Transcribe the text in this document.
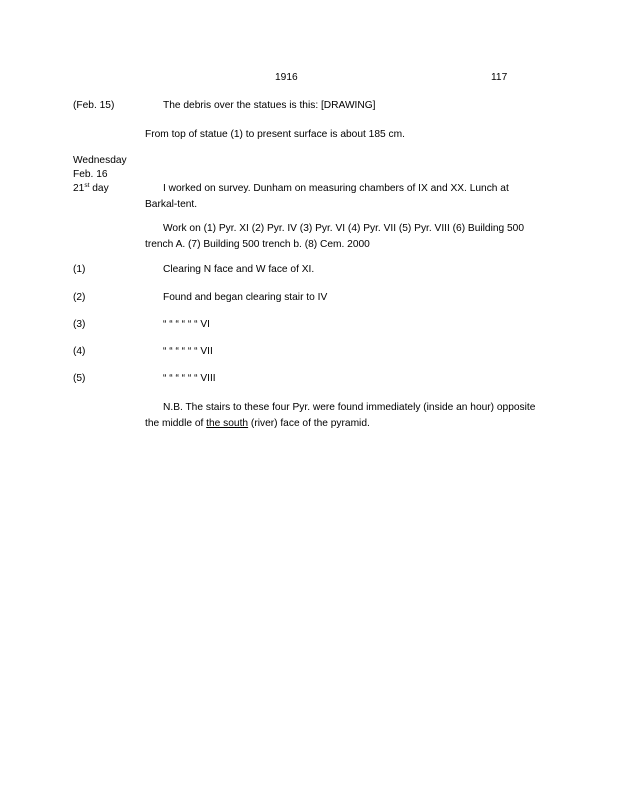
1916	117
(Feb. 15)	The debris over the statues is this: [DRAWING]
From top of statue (1) to present surface is about 185 cm.
Wednesday
Feb. 16
21st day	I worked on survey. Dunham on measuring chambers of IX and XX. Lunch at Barkal-tent.
Work on (1) Pyr. XI (2) Pyr. IV (3) Pyr. VI (4) Pyr. VII (5) Pyr. VIII (6) Building 500 trench A. (7) Building 500 trench b. (8) Cem. 2000
(1)	Clearing N face and W face of XI.
(2)	Found and began clearing stair to IV
(3)	“ “ “ “ “ “ VI
(4)	“ “ “ “ “ “ VII
(5)	“ “ “ “ “ “ VIII
N.B. The stairs to these four Pyr. were found immediately (inside an hour) opposite the middle of the south (river) face of the pyramid.
